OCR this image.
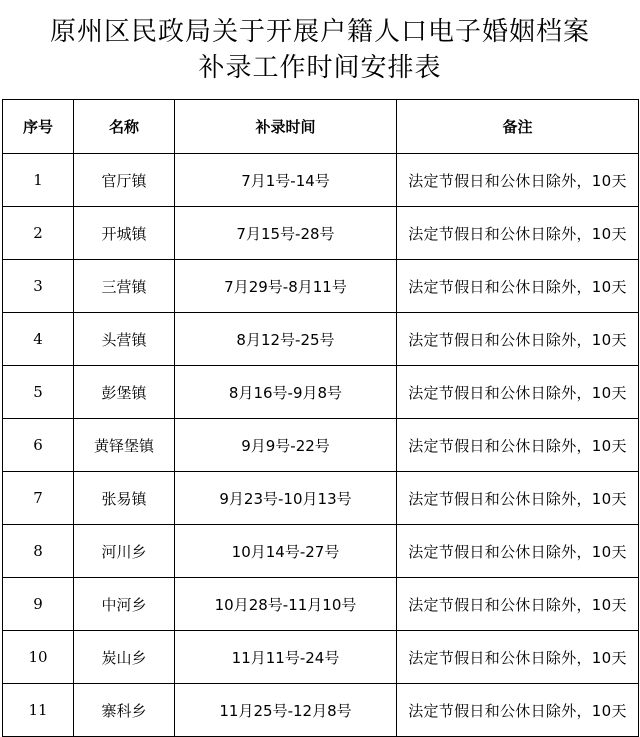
原州区民政局关于开展户籍人口电子婚姻档案
补录工作时间安排表
序号	名称	补录时间	备注
1	官厅镇	7月1号-14号	法定节假日和公休日除外，10天
2	开城镇	7月15号-28号	法定节假日和公休日除外，10天
3	三营镇	7月29号-8月11号	法定节假日和公休日除外，10天
4	头营镇	8月12号-25号	法定节假日和公休日除外，10天
5	彭堡镇	8月16号-9月8号	法定节假日和公休日除外，10天
6	黄铎堡镇	9月9号-22号	法定节假日和公休日除外，10天
7	张易镇	9月23号-10月13号	法定节假日和公休日除外，10天
8	河川乡	10月14号-27号	法定节假日和公休日除外，10天
9	中河乡	10月28号-11月10号	法定节假日和公休日除外，10天
10	炭山乡	11月11号-24号	法定节假日和公休日除外，10天
11	寨科乡	11月25号-12月8号	法定节假日和公休日除外，10天
